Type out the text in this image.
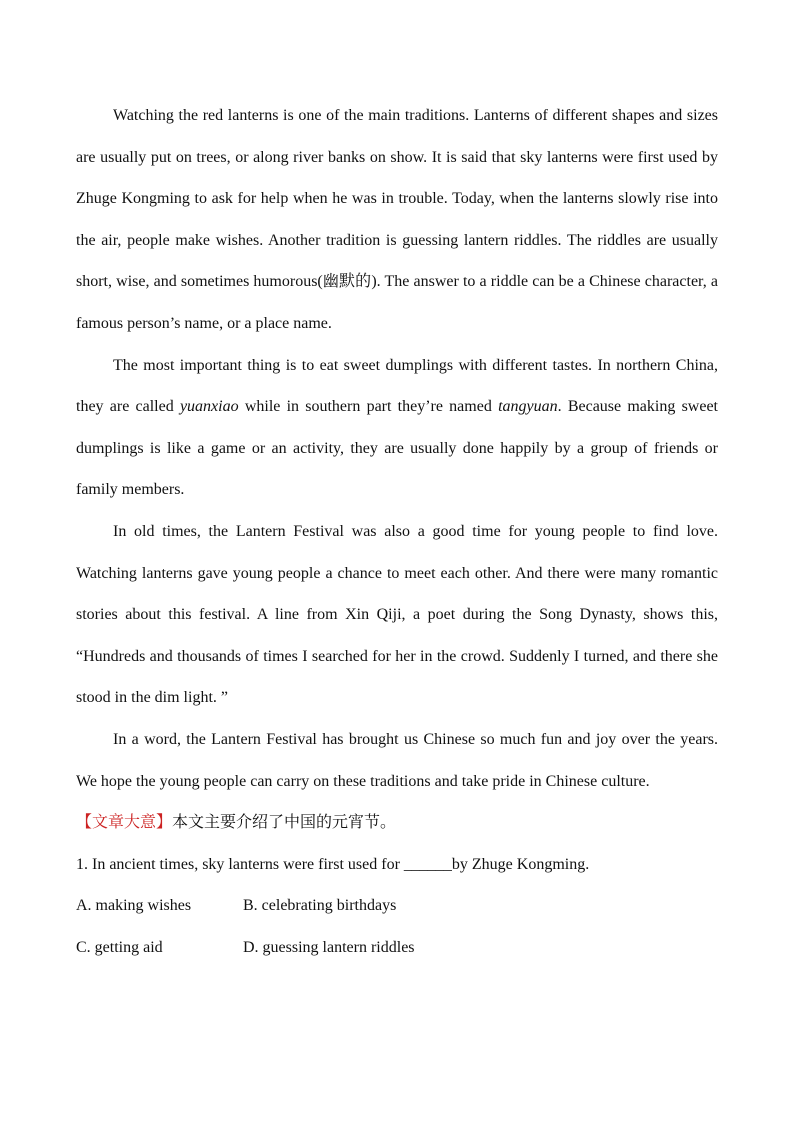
Watching the red lanterns is one of the main traditions. Lanterns of different shapes and sizes are usually put on trees, or along river banks on show. It is said that sky lanterns were first used by Zhuge Kongming to ask for help when he was in trouble. Today, when the lanterns slowly rise into the air, people make wishes. Another tradition is guessing lantern riddles. The riddles are usually short, wise, and sometimes humorous(幽默的). The answer to a riddle can be a Chinese character, a famous person’s name, or a place name.

The most important thing is to eat sweet dumplings with different tastes. In northern China, they are called yuanxiao while in southern part they’re named tangyuan. Because making sweet dumplings is like a game or an activity, they are usually done happily by a group of friends or family members.

In old times, the Lantern Festival was also a good time for young people to find love. Watching lanterns gave young people a chance to meet each other. And there were many romantic stories about this festival. A line from Xin Qiji, a poet during the Song Dynasty, shows this, “Hundreds and thousands of times I searched for her in the crowd. Suddenly I turned, and there she stood in the dim light. ”

In a word, the Lantern Festival has brought us Chinese so much fun and joy over the years. We hope the young people can carry on these traditions and take pride in Chinese culture.

【文章大意】本文主要介绍了中国的元宵节。

1. In ancient times, sky lanterns were first used for ______by Zhuge Kongming.

A. making wishes	B. celebrating birthdays
C. getting aid	D. guessing lantern riddles
